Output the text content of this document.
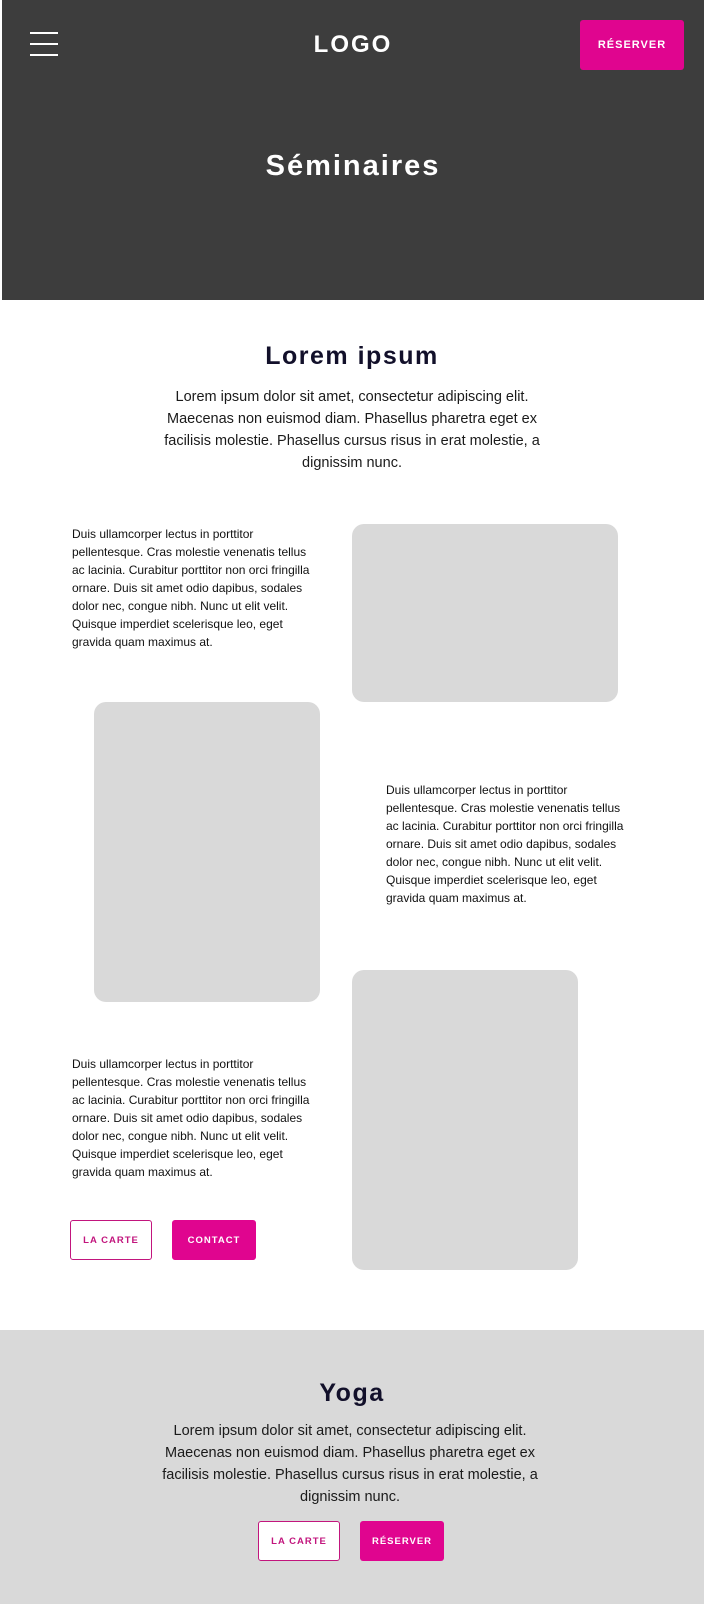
LOGO	RÉSERVER
Séminaires
Lorem ipsum

Lorem ipsum dolor sit amet, consectetur adipiscing elit. Maecenas non euismod diam. Phasellus pharetra eget ex facilisis molestie. Phasellus cursus risus in erat molestie, a dignissim nunc.

Duis ullamcorper lectus in porttitor pellentesque. Cras molestie venenatis tellus ac lacinia. Curabitur porttitor non orci fringilla ornare. Duis sit amet odio dapibus, sodales dolor nec, congue nibh. Nunc ut elit velit. Quisque imperdiet scelerisque leo, eget gravida quam maximus at.

Duis ullamcorper lectus in porttitor pellentesque. Cras molestie venenatis tellus ac lacinia. Curabitur porttitor non orci fringilla ornare. Duis sit amet odio dapibus, sodales dolor nec, congue nibh. Nunc ut elit velit. Quisque imperdiet scelerisque leo, eget gravida quam maximus at.

Duis ullamcorper lectus in porttitor pellentesque. Cras molestie venenatis tellus ac lacinia. Curabitur porttitor non orci fringilla ornare. Duis sit amet odio dapibus, sodales dolor nec, congue nibh. Nunc ut elit velit. Quisque imperdiet scelerisque leo, eget gravida quam maximus at.

LA CARTE	CONTACT
Yoga

Lorem ipsum dolor sit amet, consectetur adipiscing elit. Maecenas non euismod diam. Phasellus pharetra eget ex facilisis molestie. Phasellus cursus risus in erat molestie, a dignissim nunc.

LA CARTE	RÉSERVER
